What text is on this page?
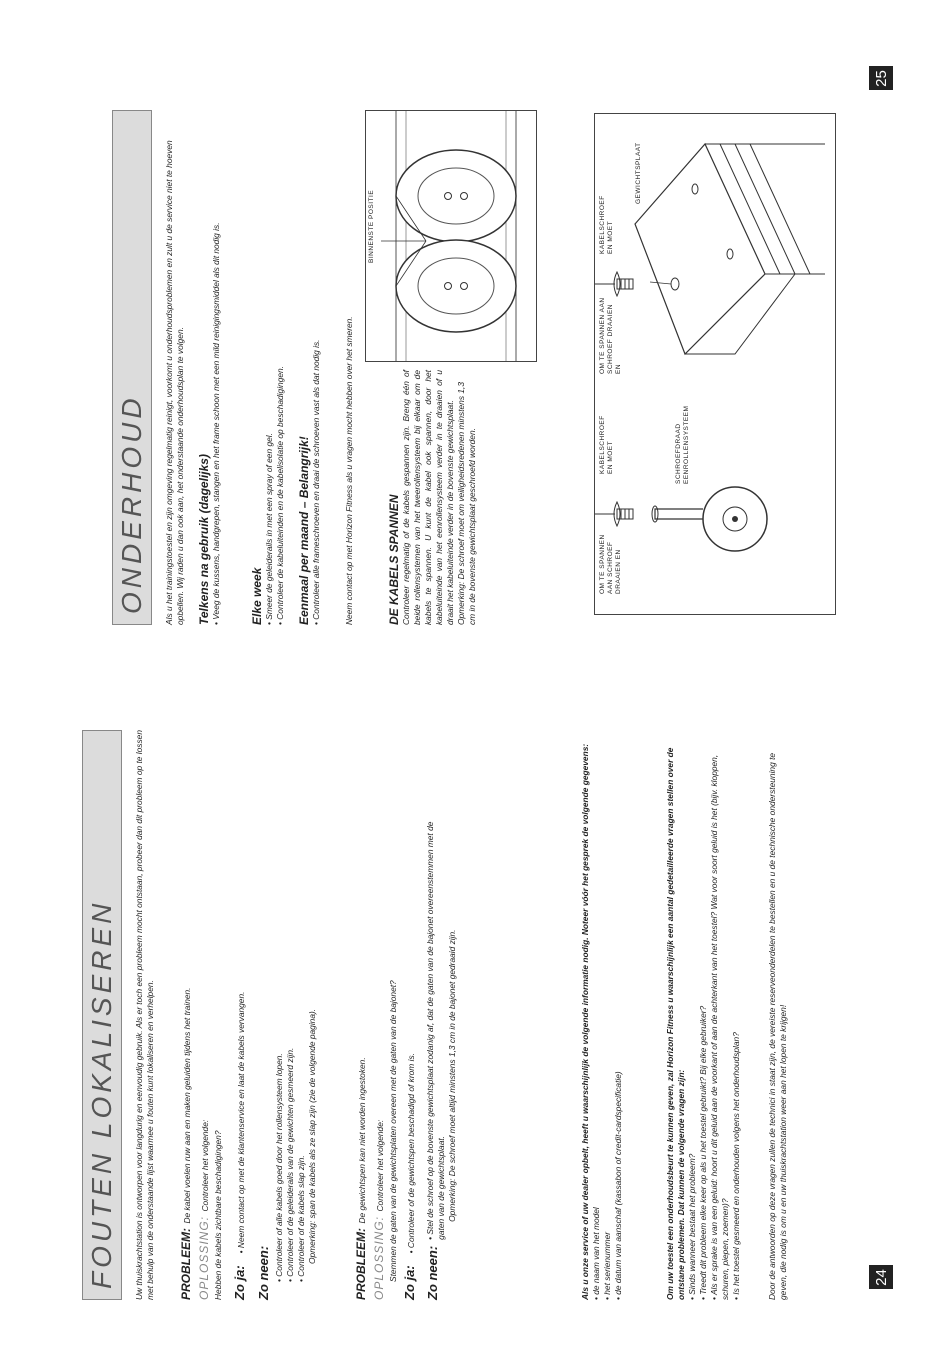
25
24
FOUTEN LOKALISEREN	Uw thuiskrachtstation is ontworpen voor langdurig en eenvoudig gebruik. Als er toch een probleem mocht ontstaan, probeer dan dit probleem op te lossen met behulp van de onderstaande lijst waarmee u fouten kunt lokaliseren en verhelpen. PROBLEEM: De kabel voelen ruw aan en maken geluiden tijdens het trainen.
OPLOSSING: Controleer het volgende: Hebben de kabels zichtbare beschadigingen? Zo ja:
• Neem contact op met de klantenservice en laat de kabels vervangen.
Zo neen: • Controleer of alle kabels goed door het rollensysteem lopen. • Controleer of de geleiderails van de gewichten gesmeerd zijn. • Controleer of de kabels slap zijn. Opmerking: span de kabels als ze slap zijn (zie de volgende pagina).	PROBLEEM: De gewichtspen kan niet worden ingestoken.
OPLOSSING: Controleer het volgende: Stemmen de gaten van de gewichtsplaten overeen met de gaten van de bajonet?

Zo ja:
• Controleer of de gewichtspen beschadigd of krom is.
Zo neen:

• Stel de schroef op de bovenste gewichtsplaat zodanig af, dat de gaten van de bajonet overeenstemmen met de gaten van de gewichtsplaat. Opmerking: De schroef moet altijd minstens 1,3 cm in de bajonet gedraaid zijn.	Als u onze service of uw dealer opbelt, heeft u waarschijnlijk de volgende informatie nodig. Noteer vóór het gesprek de volgende gegevens: • de naam van het model • het serienummer • de datum van aanschaf (kassabon of credit-cardspecificatie)	Om uw toestel een onderhoudsbeurt te kunnen geven, zal Horizon Fitness u waarschijnlijk een aantal gedetailleerde vragen stellen over de ontstane problemen. Dat kunnen de volgende vragen zijn: • Sinds wanneer bestaat het probleem? • Treedt dit probleem elke keer op als u het toestel gebruikt? Bij elke gebruiker? • Als er sprake is van een geluid: hoort u dit geluid aan de voorkant of aan de achterkant van het toestel? Wat voor soort geluid is het (bijv. kloppen, schuren, piepen, zoemen)? • Is het toestel gesmeerd en onderhouden volgens het onderhoudsplan?	Door de antwoorden op deze vragen zullen de technici in staat zijn, de vereiste reserveonderdelen te bestellen en u de technische ondersteuning te geven, die nodig is om u en uw thuiskrachtstation weer aan het lopen te krijgen!

ONDERHOUD	Als u het trainingstoestel en zijn omgeving regelmatig reinigt, voorkomt u onderhoudsproblemen en zult u de service niet te hoeven opbellen. Wij raden u dan ook aan, het onderstaande onderhoudsplan te volgen. Telkens na gebruik (dagelijks) • Veeg de kussens, handgrepen, stangen en het frame schoon met een mild reinigingsmiddel als dit nodig is. Elke week • Smeer de geleiderails in met een spray of een gel. • Controleer de kabeluiteinden en de kabelisolatie op beschadigingen. Eenmaal per maand – Belangrijk! • Controleer alle frameschroeven en draai de schroeven vast als dat nodig is.	Neem contact op met Horizon Fitness als u vragen mocht hebben over het smeren.	DE KABELS SPANNEN Controleer regelmatig of de kabels gespannen zijn. Breng één of beide rollensystemen van het tweerollensysteem bij elkaar om de kabels te spannen. U kunt de kabel ook spannen, door het kabeluiteinde van het eenrollensysteem verder in te draaien of u draait het kabeluiteinde verder in de bovenste gewichtsplaat. Opmerking: De schroef moet om veiligheidsredenen minstens 1,3 cm in de bovenste gewichtsplaat geschroefd worden.

BINNENSTE POSITIE
OM TE SPANNEN AAN SCHROEF DRAAIEN EN
KABELSCHROEF EN MOET	SCHROEFDRAAD EENROLLENSYSTEEM
OM TE SPANNEN AAN SCHROEF DRAAIEN EN
KABELSCHROEF EN MOET
GEWICHTSPLAAT
